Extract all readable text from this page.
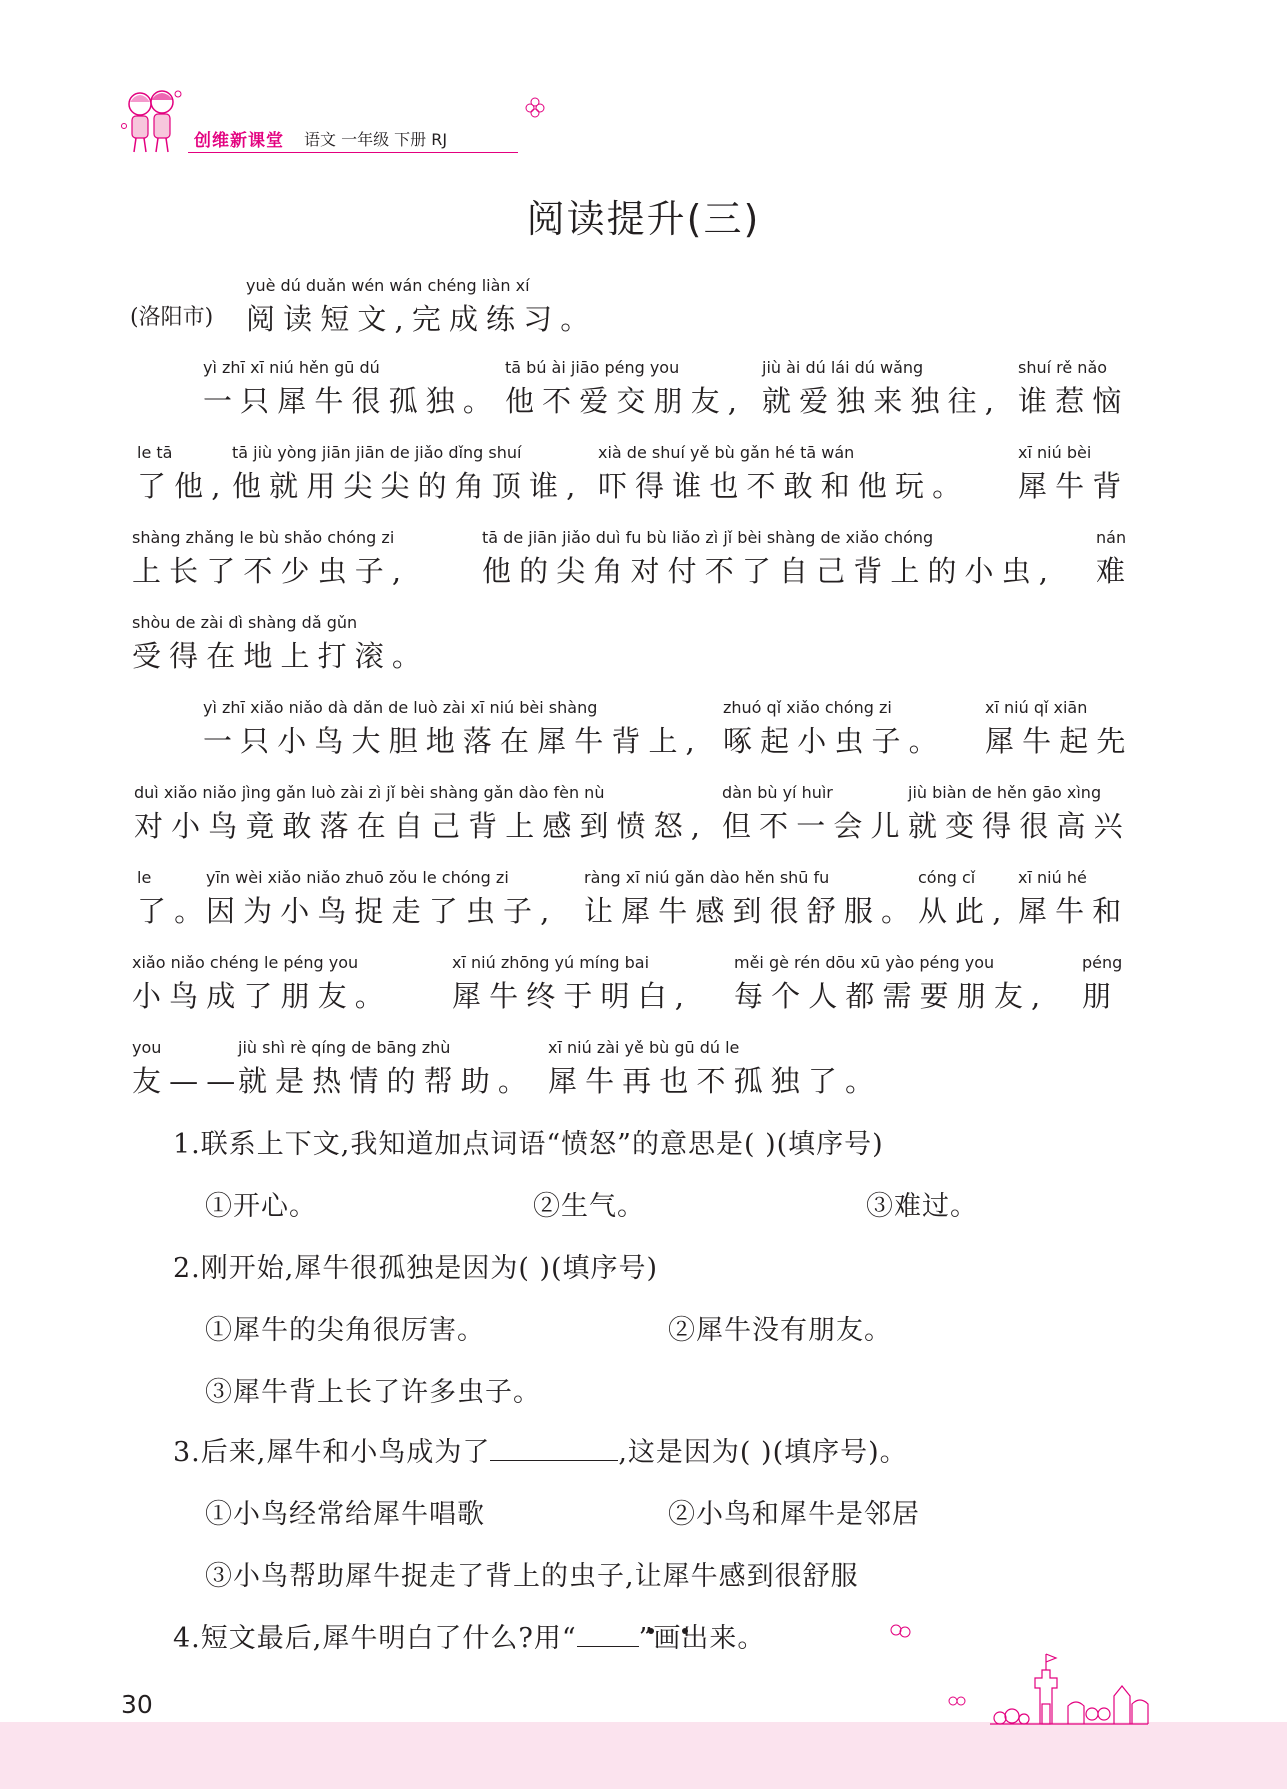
创维新课堂 语文 一年级 下册 RJ
阅读提升(三)
(洛阳市)
yuè dú duǎn wén wán chéng liàn xí
阅读短文,完成练习。
yì zhī xī niú hěn gū dú
一只犀牛很孤独。
tā bú ài jiāo péng you
他不爱交朋友,
jiù ài dú lái dú wǎng
就爱独来独往,
shuí rě nǎo
谁惹恼
le tā
了他,
tā jiù yòng jiān jiān de jiǎo dǐng shuí
他就用尖尖的角顶谁,
xià de shuí yě bù gǎn hé tā wán
吓得谁也不敢和他玩。
xī niú bèi
犀牛背
shàng zhǎng le bù shǎo chóng zi
上长了不少虫子,
tā de jiān jiǎo duì fu bù liǎo zì jǐ bèi shàng de xiǎo chóng
他的尖角对付不了自己背上的小虫,
nán
难
shòu de zài dì shàng dǎ gǔn
受得在地上打滚。
yì zhī xiǎo niǎo dà dǎn de luò zài xī niú bèi shàng
一只小鸟大胆地落在犀牛背上,
zhuó qǐ xiǎo chóng zi
啄起小虫子。
xī niú qǐ xiān
犀牛起先
duì xiǎo niǎo jìng gǎn luò zài zì jǐ bèi shàng gǎn dào fèn nù
对小鸟竟敢落在自己背上感到愤怒,
dàn bù yí huìr
但不一会儿
jiù biàn de hěn gāo xìng
就变得很高兴
le
了。
yīn wèi xiǎo niǎo zhuō zǒu le chóng zi
因为小鸟捉走了虫子,
ràng xī niú gǎn dào hěn shū fu
让犀牛感到很舒服。
cóng cǐ
从此,
xī niú hé
犀牛和
xiǎo niǎo chéng le péng you
小鸟成了朋友。
xī niú zhōng yú míng bai
犀牛终于明白,
měi gè rén dōu xū yào péng you
每个人都需要朋友,
péng
朋
you
友——
jiù shì rè qíng de bāng zhù
就是热情的帮助。
xī niú zài yě bù gū dú le
犀牛再也不孤独了。
1.联系上下文,我知道加点词语“愤怒”的意思是( )(填序号)
①开心。	②生气。	③难过。
2.刚开始,犀牛很孤独是因为( )(填序号)
①犀牛的尖角很厉害。	②犀牛没有朋友。
③犀牛背上长了许多虫子。
3.后来,犀牛和小鸟成为了	,这是因为( )(填序号)。
①小鸟经常给犀牛唱歌	②小鸟和犀牛是邻居
③小鸟帮助犀牛捉走了背上的虫子,让犀牛感到很舒服
4.短文最后,犀牛明白了什么?用“ ”画出来。
30
